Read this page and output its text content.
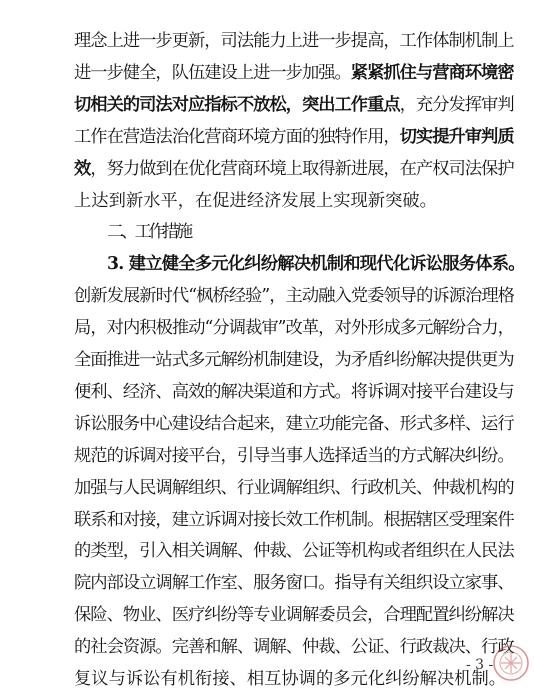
理念上进一步更新，司法能力上进一步提高，工作体制机制上
进一步健全，队伍建设上进一步加强。紧紧抓住与营商环境密
切相关的司法对应指标不放松，突出工作重点，充分发挥审判
工作在营造法治化营商环境方面的独特作用，切实提升审判质
效，努力做到在优化营商环境上取得新进展，在产权司法保护
上达到新水平，在促进经济发展上实现新突破。
二、工作措施
3. 建立健全多元化纠纷解决机制和现代化诉讼服务体系。
创新发展新时代“枫桥经验”，主动融入党委领导的诉源治理格
局，对内积极推动“分调裁审”改革，对外形成多元解纷合力，
全面推进一站式多元解纷机制建设，为矛盾纠纷解决提供更为
便利、经济、高效的解决渠道和方式。将诉调对接平台建设与
诉讼服务中心建设结合起来，建立功能完备、形式多样、运行
规范的诉调对接平台，引导当事人选择适当的方式解决纠纷。
加强与人民调解组织、行业调解组织、行政机关、仲裁机构的
联系和对接，建立诉调对接长效工作机制。根据辖区受理案件
的类型，引入相关调解、仲裁、公证等机构或者组织在人民法
院内部设立调解工作室、服务窗口。指导有关组织设立家事、
保险、物业、医疗纠纷等专业调解委员会，合理配置纠纷解决
的社会资源。完善和解、调解、仲裁、公证、行政裁决、行政
复议与诉讼有机衔接、相互协调的多元化纠纷解决机制。
- 3 -
